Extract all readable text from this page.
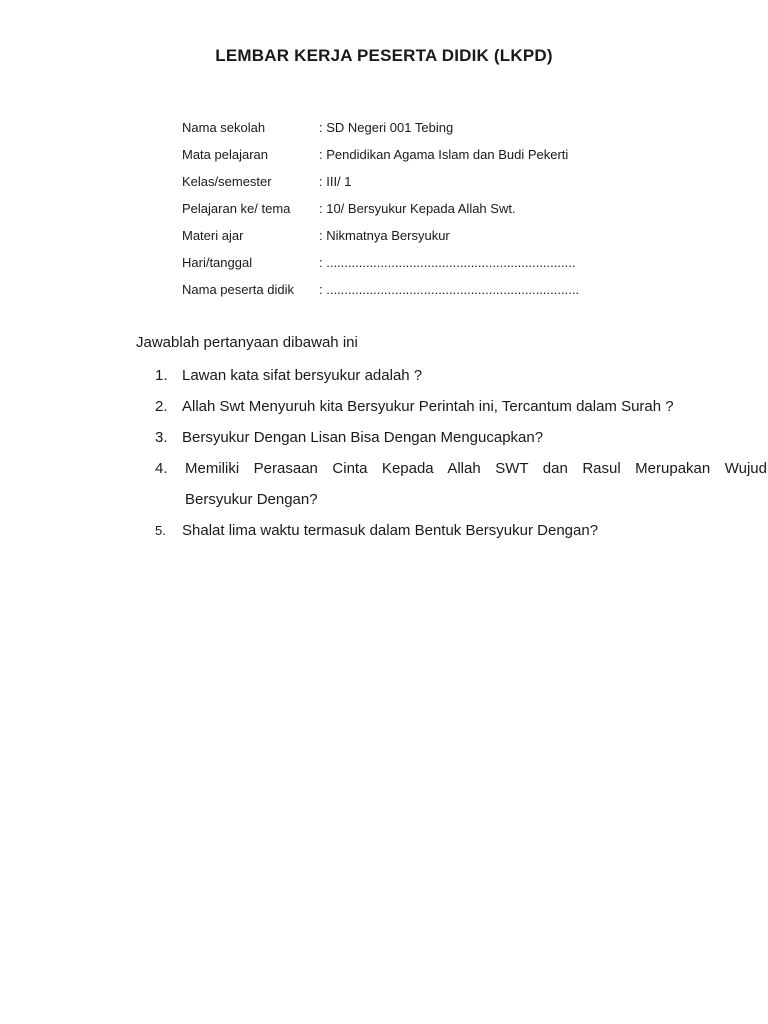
LEMBAR KERJA PESERTA DIDIK (LKPD)
Nama sekolah	: SD Negeri 001 Tebing
Mata pelajaran	: Pendidikan Agama Islam dan Budi Pekerti
Kelas/semester	: III/ 1
Pelajaran ke/ tema	: 10/ Bersyukur Kepada Allah Swt.
Materi ajar	: Nikmatnya Bersyukur
Hari/tanggal	: .....................................................................
Nama peserta didik	: ......................................................................
Jawablah pertanyaan dibawah ini
1. Lawan kata sifat bersyukur adalah ?
2. Allah Swt Menyuruh kita Bersyukur Perintah ini, Tercantum dalam Surah ?
3. Bersyukur Dengan Lisan Bisa Dengan Mengucapkan?
4. Memiliki Perasaan Cinta Kepada Allah SWT dan Rasul Merupakan Wujud
Bersyukur Dengan?
5. Shalat lima waktu termasuk dalam Bentuk Bersyukur Dengan?
